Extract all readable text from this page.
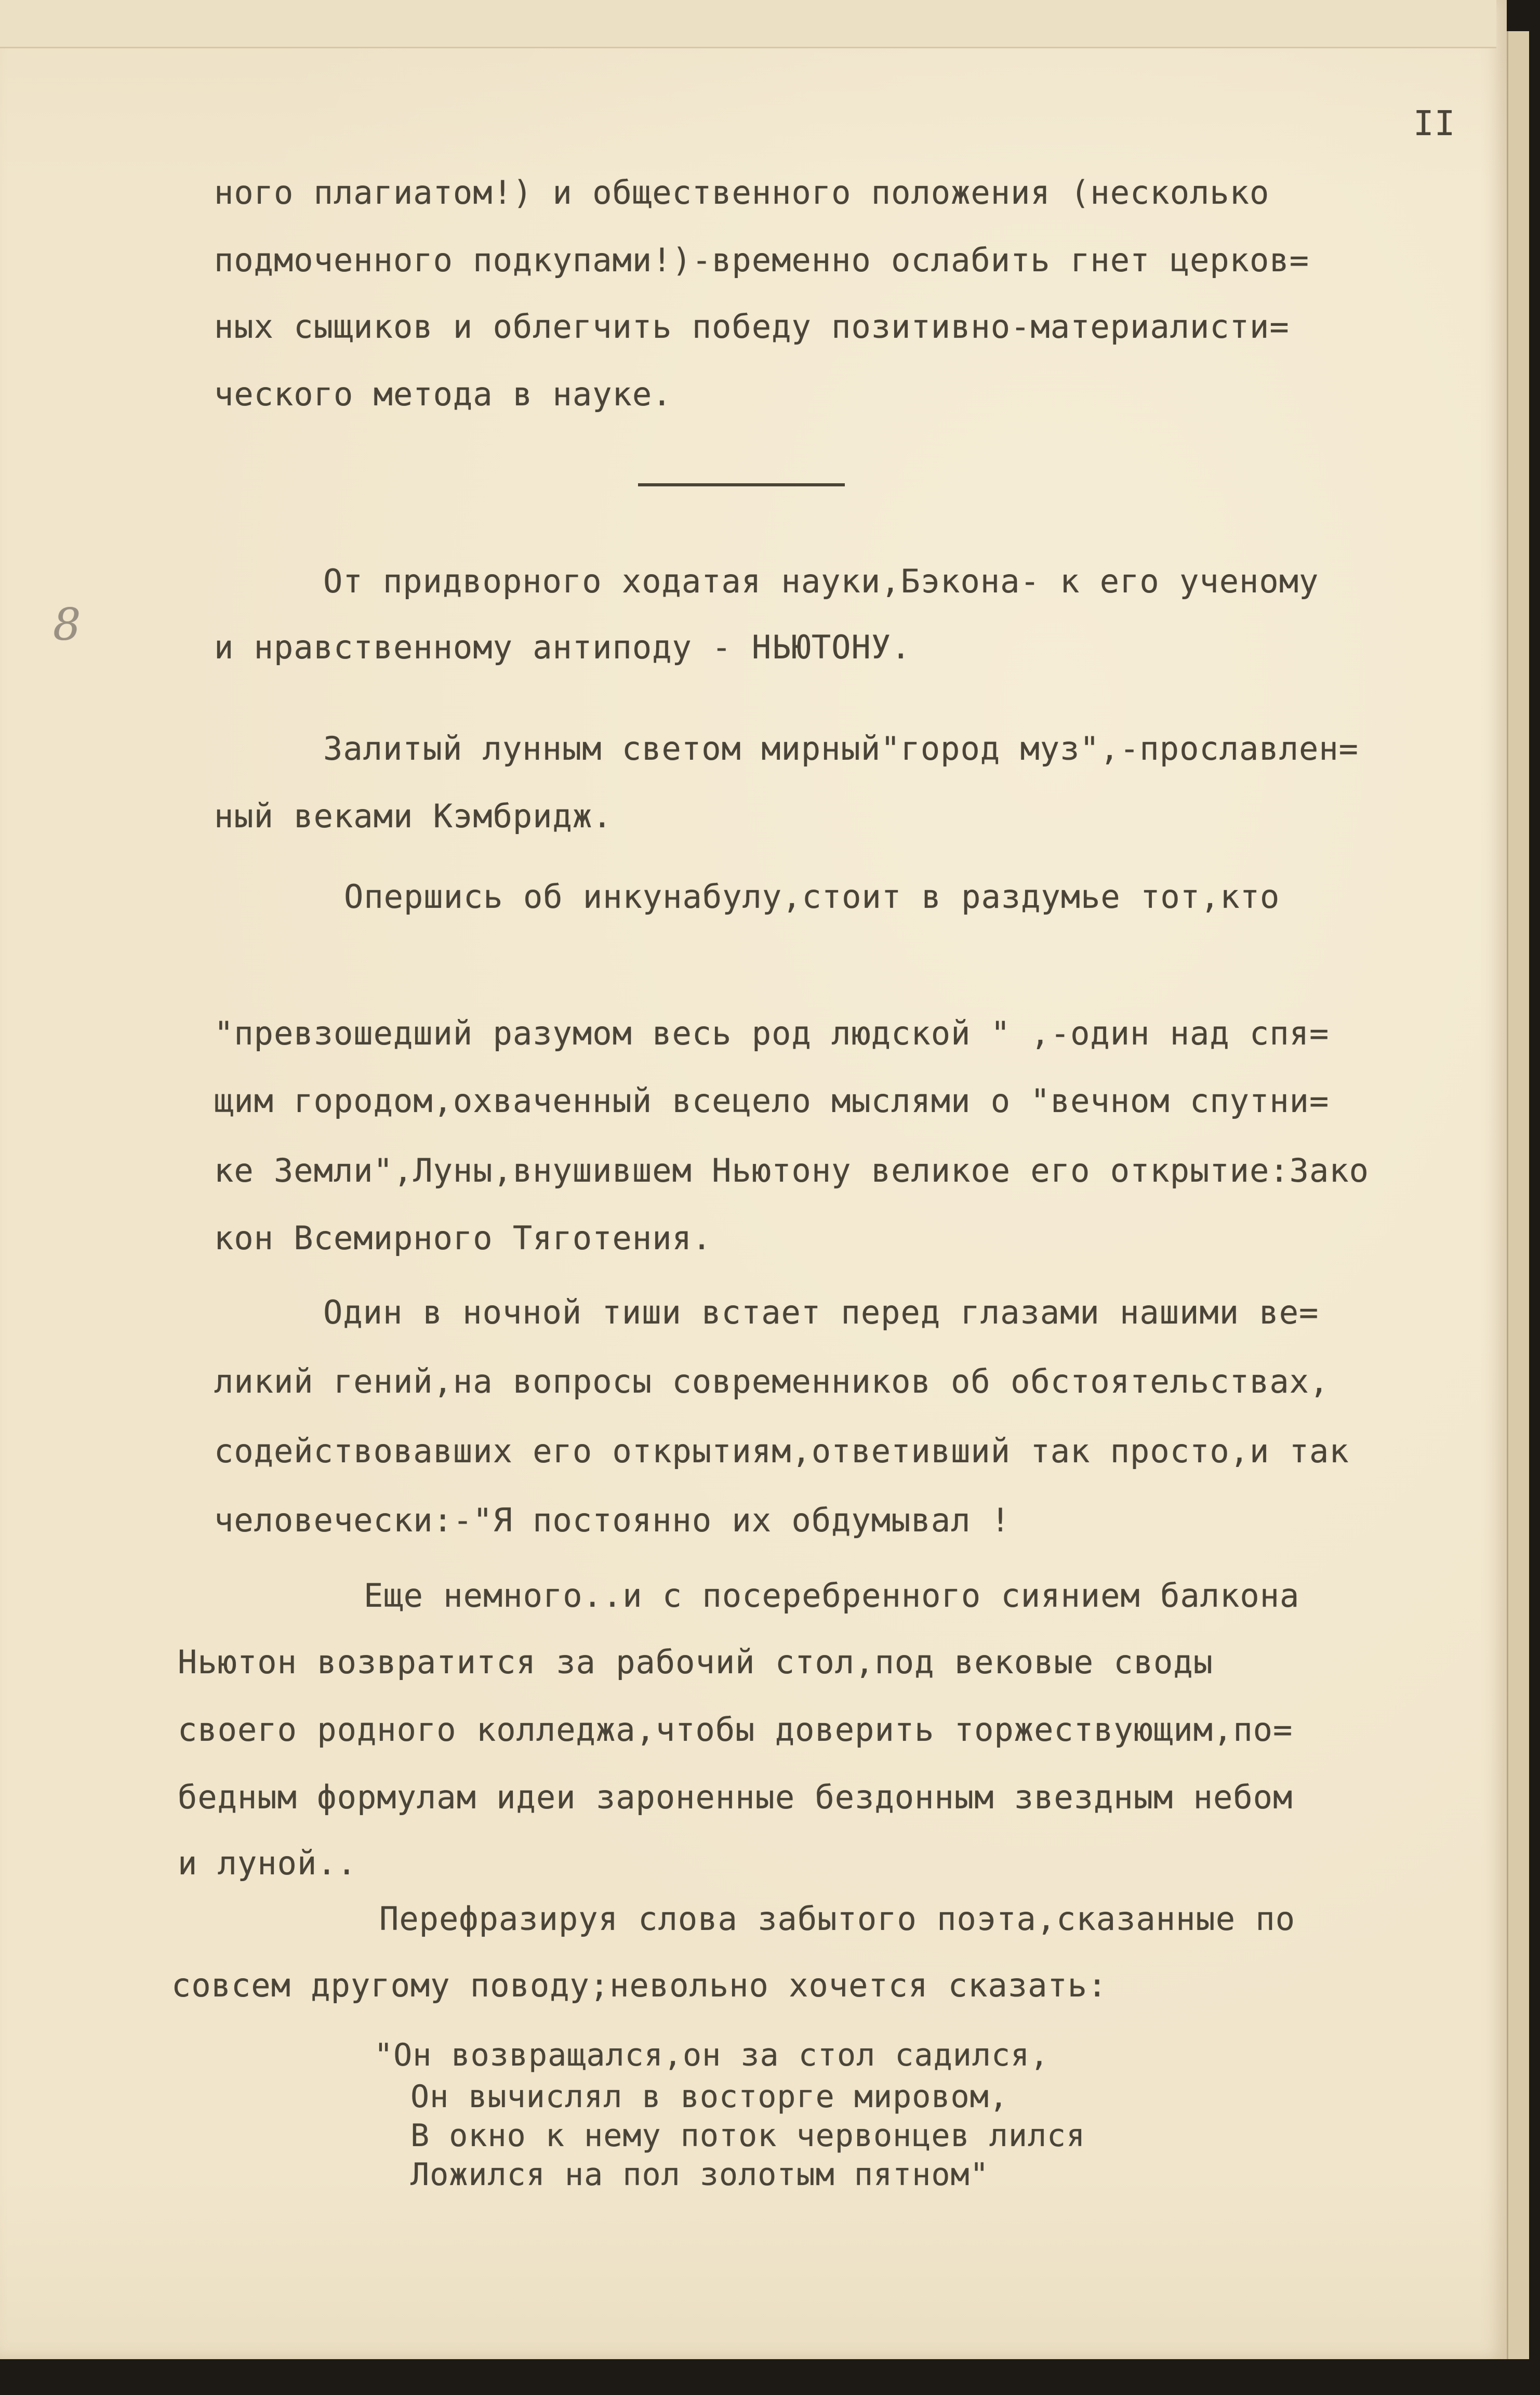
II
8
ного плагиатом!) и общественного положения (несколько
подмоченного подкупами!)-временно ослабить гнет церков=
ных сыщиков и облегчить победу позитивно-материалисти=
ческого метода в науке.
От придворного ходатая науки,Бэкона- к его ученому
и нравственному антиподу - НЬЮТОНУ.
Залитый лунным светом мирный"город муз",-прославлен=
ный веками Кэмбридж.
Опершись об инкунабулу,стоит в раздумье тот,кто
"превзошедший разумом весь род людской " ,-один над спя=
щим городом,охваченный всецело мыслями о "вечном спутни=
ке Земли",Луны,внушившем Ньютону великое его открытие:Зако
кон Всемирного Тяготения.
Один в ночной тиши встает перед глазами нашими ве=
ликий гений,на вопросы современников об обстоятельствах,
содействовавших его открытиям,ответивший так просто,и так
человечески:-"Я постоянно их обдумывал !
Еще немного..и с посеребренного сиянием балкона
Ньютон возвратится за рабочий стол,под вековые своды
своего родного колледжа,чтобы доверить торжествующим,по=
бедным формулам идеи зароненные бездонным звездным небом
и луной..
Перефразируя слова забытого поэта,сказанные по
совсем другому поводу;невольно хочется сказать:
"Он возвращался,он за стол садился,
Он вычислял в восторге мировом,
В окно к нему поток червонцев лился
Ложился на пол золотым пятном"
